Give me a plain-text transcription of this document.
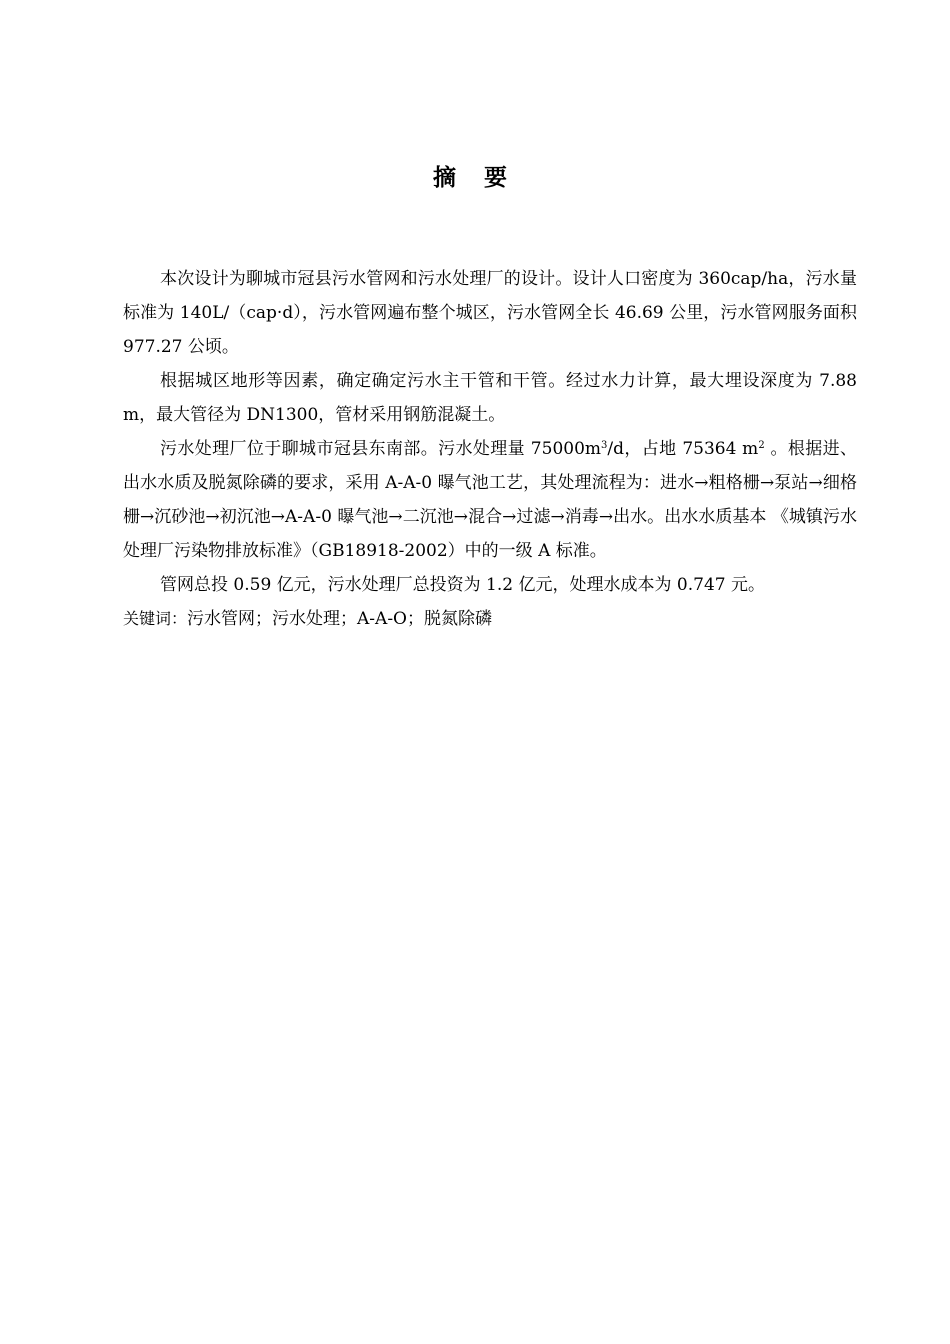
摘 要

本次设计为聊城市冠县污水管网和污水处理厂的设计。设计人口密度为 360cap/ha，污水量标准为 140L/（cap·d），污水管网遍布整个城区，污水管网全长 46.69 公里，污水管网服务面积 977.27 公顷。

根据城区地形等因素，确定确定污水主干管和干管。经过水力计算，最大埋设深度为 7.88m，最大管径为 DN1300，管材采用钢筋混凝土。

污水处理厂位于聊城市冠县东南部。污水处理量 $75000m^3/d$，占地 75364 $m^2$ 。根据进、出水水质及脱氮除磷的要求，采用 A-A-0 曝气池工艺，其处理流程为：进水→粗格栅→泵站→细格栅→沉砂池→初沉池→A-A-0 曝气池→二沉池→混合→过滤→消毒→出水。出水水质基本 《城镇污水处理厂污染物排放标准》（GB18918-2002）中的一级 A 标准。

管网总投 0.59 亿元，污水处理厂总投资为 1.2 亿元，处理水成本为 0.747 元。

关键词：污水管网；污水处理；A-A-O；脱氮除磷
